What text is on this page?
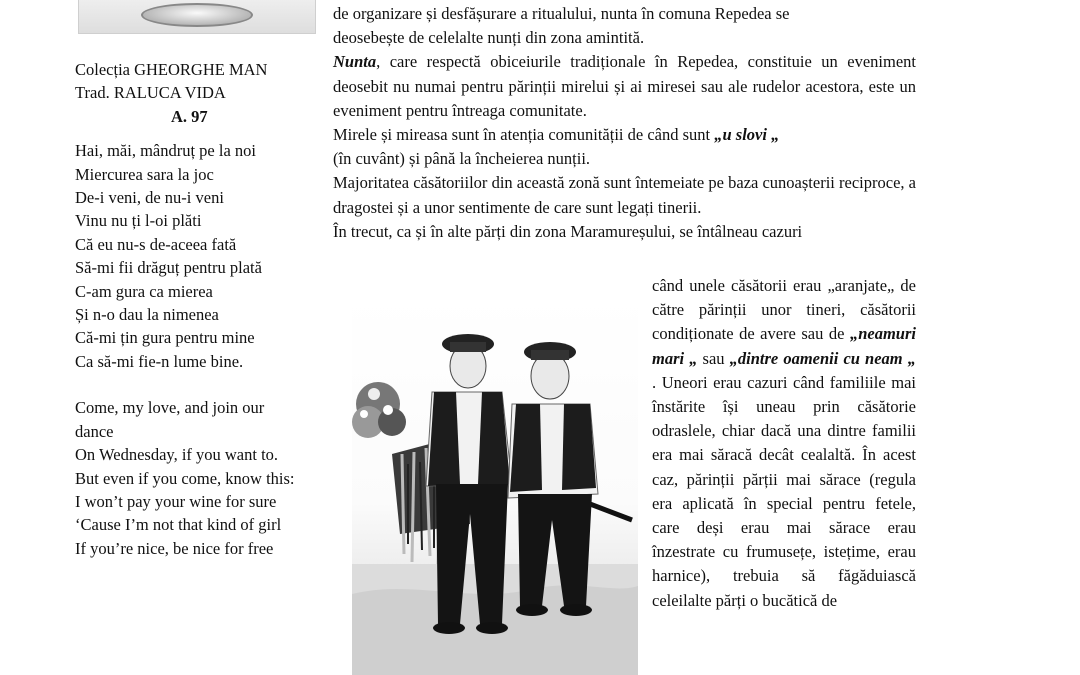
Colecția GHEORGHE MAN

Trad. RALUCA VIDA

A. 97

Hai, măi, mândruț pe la noi
Miercurea sara la joc
De-i veni, de nu-i veni
Vinu nu ți l-oi plăti
Că eu nu-s de-aceea fată
Să-mi fii drăguț pentru plată
C-am gura ca mierea
Și n-o dau la nimenea
Că-mi țin gura pentru mine
Ca să-mi fie-n lume bine.
Come, my love, and join our dance
On Wednesday, if you want to.
But even if you come, know this:
I won’t pay your wine for sure
‘Cause I’m not that kind of girl
If you’re nice, be nice for free

de organizare și desfășurare a ritualului, nunta în comuna Repedea se

deosebește de celelalte nunți din zona amintită.

Nunta, care respectă obiceiurile tradiționale în Repedea, constituie un eveniment deosebit nu numai pentru părinții mirelui și ai miresei sau ale rudelor acestora, este un eveniment pentru întreaga comunitate.

Mirele și mireasa sunt în atenția comunității de când sunt „u slovi „
(în cuvânt) și până la încheierea nunții.

Majoritatea căsătoriilor din această zonă sunt întemeiate pe baza cunoașterii reciproce, a dragostei și a unor sentimente de care sunt legați tinerii.

În trecut, ca și în alte părți din zona Maramureșului, se întâlneau cazuri

când unele căsătorii erau „aranjate„ de către părinții unor tineri, căsătorii condiționate de avere sau de „neamuri mari „ sau „dintre oamenii cu neam „ . Uneori erau cazuri când familiile mai înstărite își uneau prin căsătorie odraslele, chiar dacă una dintre familii era mai săracă decât cealaltă. În acest caz, părinții părții mai sărace (regula era aplicată în special pentru fetele, care deși erau mai sărace erau înzestrate cu frumusețe, istețime, erau harnice), trebuia să făgăduiască celeilalte părți o bucătică de
